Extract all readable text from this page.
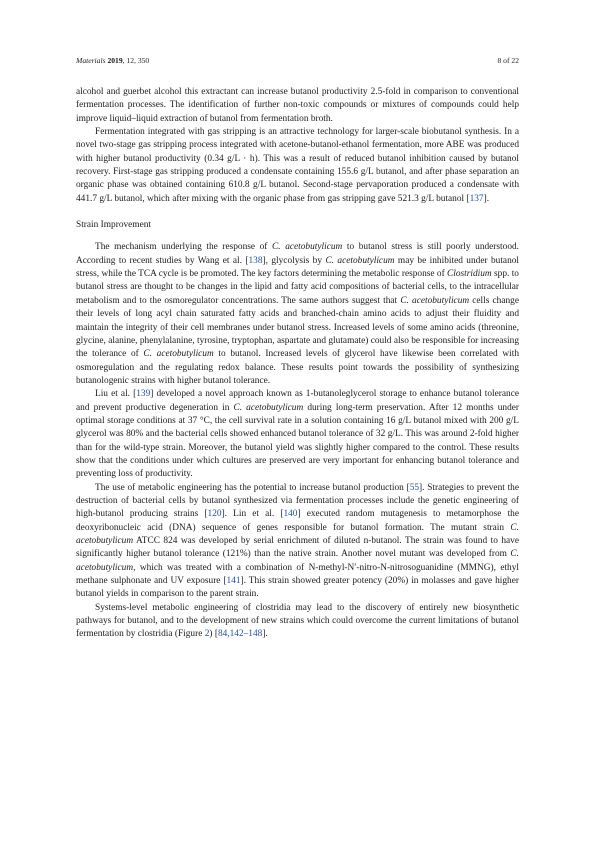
Materials 2019, 12, 350	8 of 22

alcohol and guerbet alcohol this extractant can increase butanol productivity 2.5-fold in comparison to conventional fermentation processes. The identification of further non-toxic compounds or mixtures of compounds could help improve liquid–liquid extraction of butanol from fermentation broth.

Fermentation integrated with gas stripping is an attractive technology for larger-scale biobutanol synthesis. In a novel two-stage gas stripping process integrated with acetone-butanol-ethanol fermentation, more ABE was produced with higher butanol productivity (0.34 g/L · h). This was a result of reduced butanol inhibition caused by butanol recovery. First-stage gas stripping produced a condensate containing 155.6 g/L butanol, and after phase separation an organic phase was obtained containing 610.8 g/L butanol. Second-stage pervaporation produced a condensate with 441.7 g/L butanol, which after mixing with the organic phase from gas stripping gave 521.3 g/L butanol [137].

Strain Improvement

The mechanism underlying the response of C. acetobutylicum to butanol stress is still poorly understood. According to recent studies by Wang et al. [138], glycolysis by C. acetobutylicum may be inhibited under butanol stress, while the TCA cycle is be promoted. The key factors determining the metabolic response of Clostridium spp. to butanol stress are thought to be changes in the lipid and fatty acid compositions of bacterial cells, to the intracellular metabolism and to the osmoregulator concentrations. The same authors suggest that C. acetobutylicum cells change their levels of long acyl chain saturated fatty acids and branched-chain amino acids to adjust their fluidity and maintain the integrity of their cell membranes under butanol stress. Increased levels of some amino acids (threonine, glycine, alanine, phenylalanine, tyrosine, tryptophan, aspartate and glutamate) could also be responsible for increasing the tolerance of C. acetobutylicum to butanol. Increased levels of glycerol have likewise been correlated with osmoregulation and the regulating redox balance. These results point towards the possibility of synthesizing butanologenic strains with higher butanol tolerance.

Liu et al. [139] developed a novel approach known as 1-butanoleglycerol storage to enhance butanol tolerance and prevent productive degeneration in C. acetobutylicum during long-term preservation. After 12 months under optimal storage conditions at 37 °C, the cell survival rate in a solution containing 16 g/L butanol mixed with 200 g/L glycerol was 80% and the bacterial cells showed enhanced butanol tolerance of 32 g/L. This was around 2-fold higher than for the wild-type strain. Moreover, the butanol yield was slightly higher compared to the control. These results show that the conditions under which cultures are preserved are very important for enhancing butanol tolerance and preventing loss of productivity.

The use of metabolic engineering has the potential to increase butanol production [55]. Strategies to prevent the destruction of bacterial cells by butanol synthesized via fermentation processes include the genetic engineering of high-butanol producing strains [120]. Lin et al. [140] executed random mutagenesis to metamorphose the deoxyribonucleic acid (DNA) sequence of genes responsible for butanol formation. The mutant strain C. acetobutylicum ATCC 824 was developed by serial enrichment of diluted n-butanol. The strain was found to have significantly higher butanol tolerance (121%) than the native strain. Another novel mutant was developed from C. acetobutylicum, which was treated with a combination of N-methyl-N′-nitro-N-nitrosoguanidine (MMNG), ethyl methane sulphonate and UV exposure [141]. This strain showed greater potency (20%) in molasses and gave higher butanol yields in comparison to the parent strain.

Systems-level metabolic engineering of clostridia may lead to the discovery of entirely new biosynthetic pathways for butanol, and to the development of new strains which could overcome the current limitations of butanol fermentation by clostridia (Figure 2) [84,142–148].
